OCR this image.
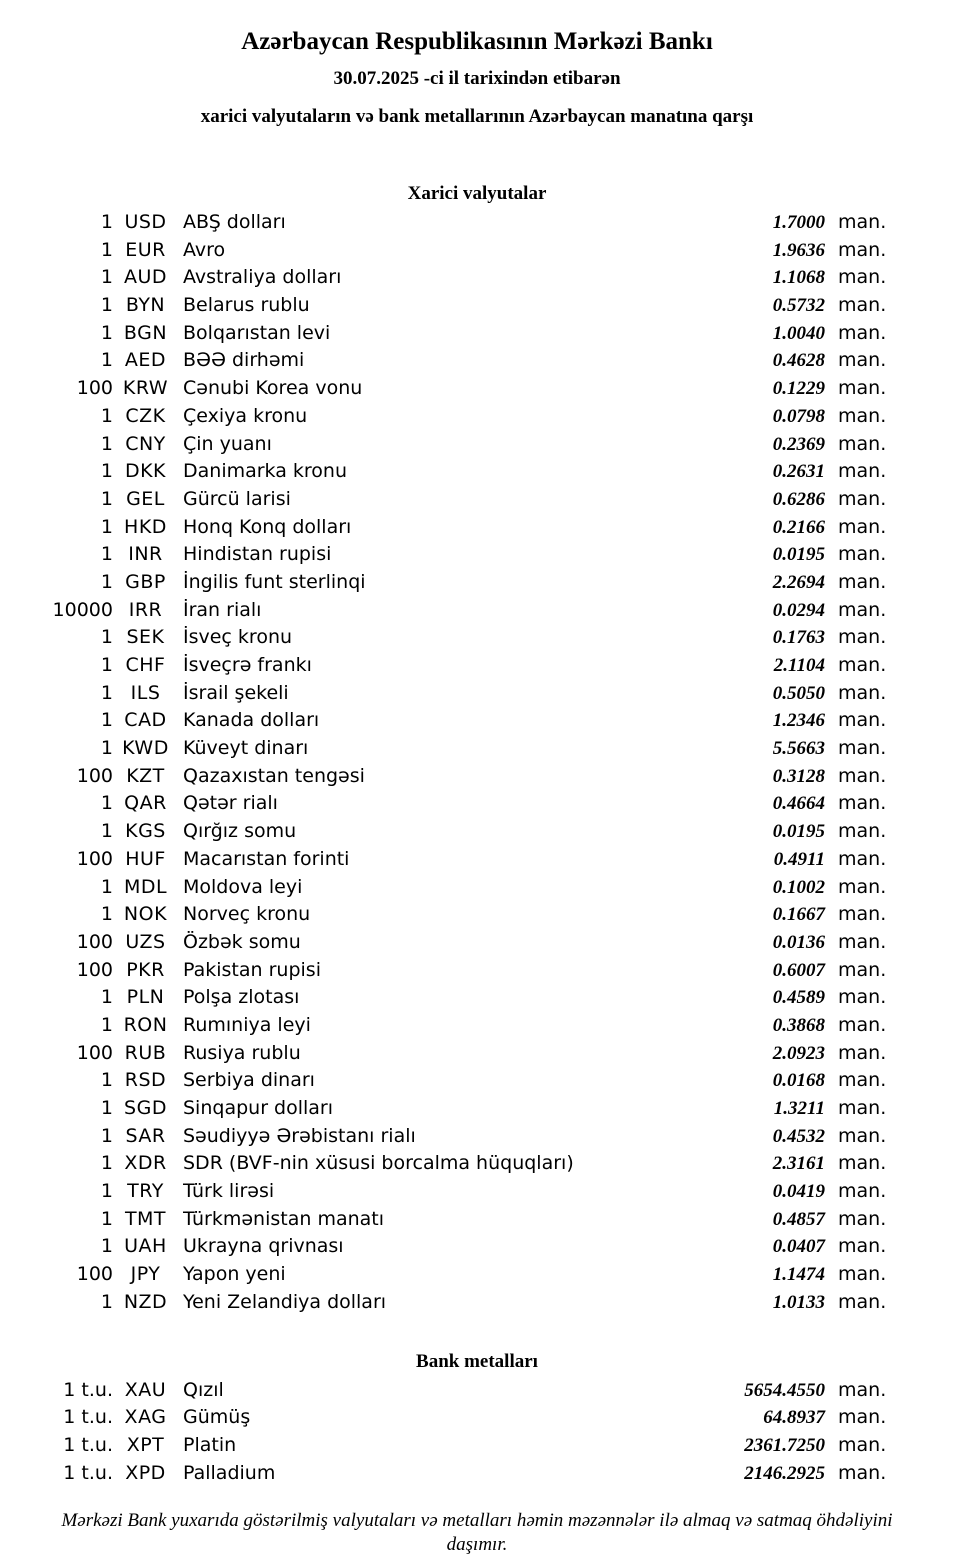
Azərbaycan Respublikasının Mərkəzi Bankı
30.07.2025 -ci il tarixindən etibarən
xarici valyutaların və bank metallarının Azərbaycan manatına qarşı
Xarici valyutalar
1 USD ABŞ dolları	1.7000 man.
1 EUR Avro	1.9636 man.
1 AUD Avstraliya dolları	1.1068 man.
1 BYN Belarus rublu	0.5732 man.
1 BGN Bolqarıstan levi	1.0040 man.
1 AED BƏƏ dirhəmi	0.4628 man.
100 KRW Cənubi Korea vonu	0.1229 man.
1 CZK Çexiya kronu	0.0798 man.
1 CNY Çin yuanı	0.2369 man.
1 DKK Danimarka kronu	0.2631 man.
1 GEL Gürcü larisi	0.6286 man.
1 HKD Honq Konq dolları	0.2166 man.
1 INR	Hindistan rupisi	0.0195 man.
1 GBP İngilis funt sterlinqi	2.2694 man.
10000 IRR	İran rialı	0.0294 man.
1 SEK İsveç kronu	0.1763 man.
1 CHF İsveçrə frankı	2.1104 man.
1 ILS	İsrail şekeli	0.5050 man.
1 CAD Kanada dolları	1.2346 man.
1 KWD Küveyt dinarı	5.5663 man.
100 KZT Qazaxıstan tengəsi	0.3128 man.
1 QAR Qətər rialı	0.4664 man.
1 KGS Qırğız somu	0.0195 man.
100 HUF Macarıstan forinti	0.4911 man.
1 MDL Moldova leyi	0.1002 man.
1 NOK Norveç kronu	0.1667 man.
100 UZS Özbək somu	0.0136 man.
100 PKR Pakistan rupisi	0.6007 man.
1 PLN Polşa zlotası	0.4589 man.
1 RON Rumıniya leyi	0.3868 man.
100 RUB Rusiya rublu	2.0923 man.
1 RSD Serbiya dinarı	0.0168 man.
1 SGD Sinqapur dolları	1.3211 man.
1 SAR Səudiyyə Ərəbistanı rialı	0.4532 man.
1 XDR SDR (BVF-nin xüsusi borcalma hüquqları)	2.3161 man.
1 TRY	Türk lirəsi	0.0419 man.
1 TMT Türkmənistan manatı	0.4857 man.
1 UAH Ukrayna qrivnası	0.0407 man.
100 JPY	Yapon yeni	1.1474 man.
1 NZD Yeni Zelandiya dolları	1.0133 man.
Bank metalları
1 t.u. XAU Qızıl	5654.4550 man.
1 t.u. XAG Gümüş	64.8937 man.
1 t.u. XPT Platin	2361.7250 man.
1 t.u. XPD Palladium	2146.2925 man.
Mərkəzi Bank yuxarıda göstərilmiş valyutaları və metalları həmin məzənnələr ilə almaq və satmaq öhdəliyini daşımır.
